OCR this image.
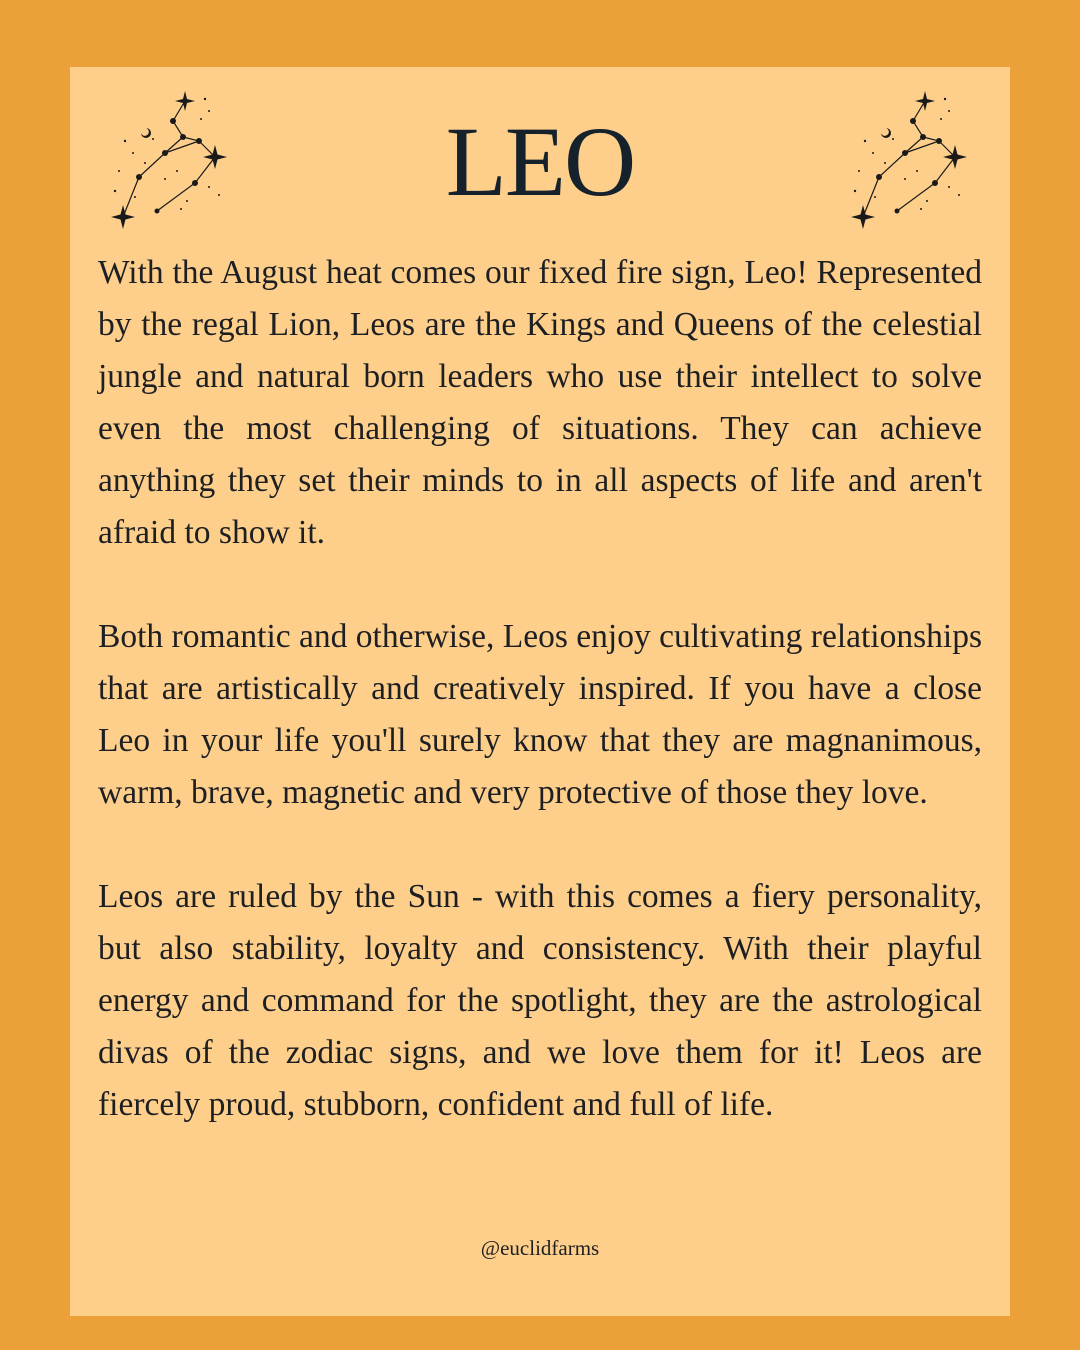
LEO

With the August heat comes our fixed fire sign, Leo! Represented by the regal Lion, Leos are the Kings and Queens of the celestial jungle and natural born leaders who use their intellect to solve even the most challenging of situations. They can achieve anything they set their minds to in all aspects of life and aren't afraid to show it.

Both romantic and otherwise, Leos enjoy cultivating relationships that are artistically and creatively inspired. If you have a close Leo in your life you'll surely know that they are magnanimous, warm, brave, magnetic and very protective of those they love.

Leos are ruled by the Sun - with this comes a fiery personality, but also stability, loyalty and consistency. With their playful energy and command for the spotlight, they are the astrological divas of the zodiac signs, and we love them for it! Leos are fiercely proud, stubborn, confident and full of life.

@euclidfarms
